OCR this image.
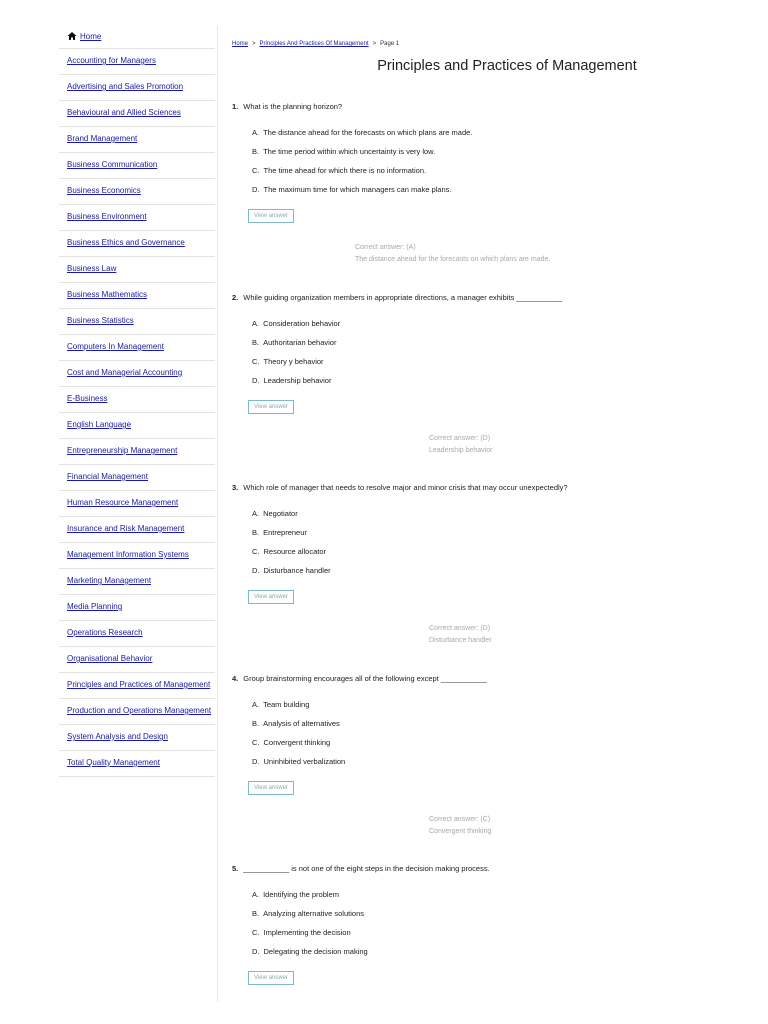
Home
Accounting for Managers
Advertising and Sales Promotion
Behavioural and Allied Sciences
Brand Management
Business Communication
Business Economics
Business Environment
Business Ethics and Governance
Business Law
Business Mathematics
Business Statistics
Computers In Management
Cost and Managerial Accounting
E-Business
English Language
Entrepreneurship Management
Financial Management
Human Resource Management
Insurance and Risk Management
Management Information Systems
Marketing Management
Media Planning
Operations Research
Organisational Behavior
Principles and Practices of Management
Production and Operations Management
System Analysis and Design
Total Quality Management
Home > Principles And Practices Of Management > Page 1
Principles and Practices of Management
1. What is the planning horizon?
A. The distance ahead for the forecasts on which plans are made.
B. The time period within which uncertainty is very low.
C. The time ahead for which there is no information.
D. The maximum time for which managers can make plans.
View answer
Correct answer: (A)
The distance ahead for the forecasts on which plans are made.
2. While guiding organization members in appropriate directions, a manager exhibits ___________
A. Consideration behavior
B. Authoritarian behavior
C. Theory y behavior
D. Leadership behavior
View answer
Correct answer: (D)
Leadership behavior
3. Which role of manager that needs to resolve major and minor crisis that may occur unexpectedly?
A. Negotiator
B. Entrepreneur
C. Resource allocator
D. Disturbance handler
View answer
Correct answer: (D)
Disturbance handler
4. Group brainstorming encourages all of the following except ___________
A. Team building
B. Analysis of alternatives
C. Convergent thinking
D. Uninhibited verbalization
View answer
Correct answer: (C)
Convergent thinking
5. ___________ is not one of the eight steps in the decision making process.
A. Identifying the problem
B. Analyzing alternative solutions
C. Implementing the decision
D. Delegating the decision making
View answer
